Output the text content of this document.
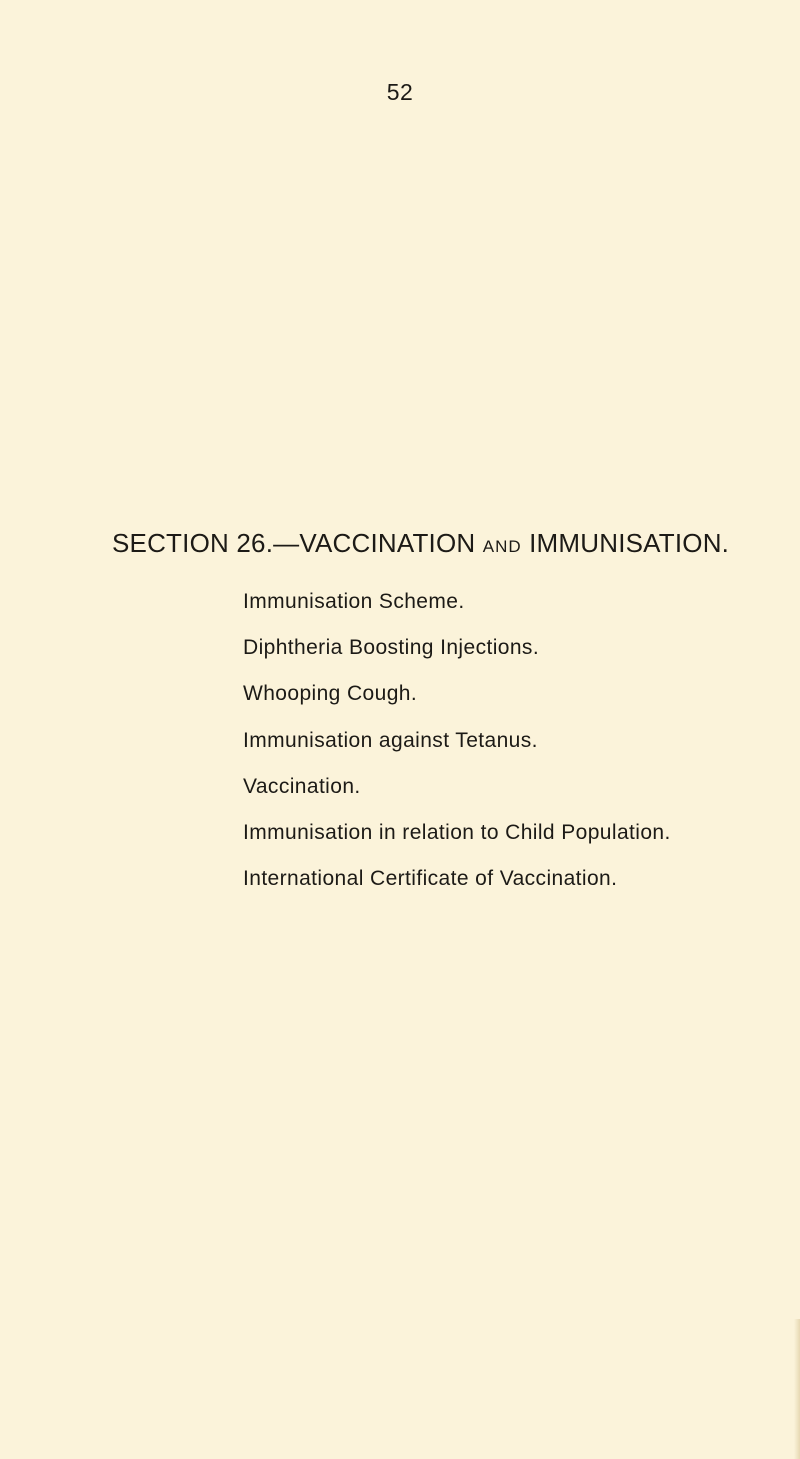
52
SECTION 26.—VACCINATION AND IMMUNISATION.
Immunisation Scheme.
Diphtheria Boosting Injections.
Whooping Cough.
Immunisation against Tetanus.
Vaccination.
Immunisation in relation to Child Population.
International Certificate of Vaccination.
